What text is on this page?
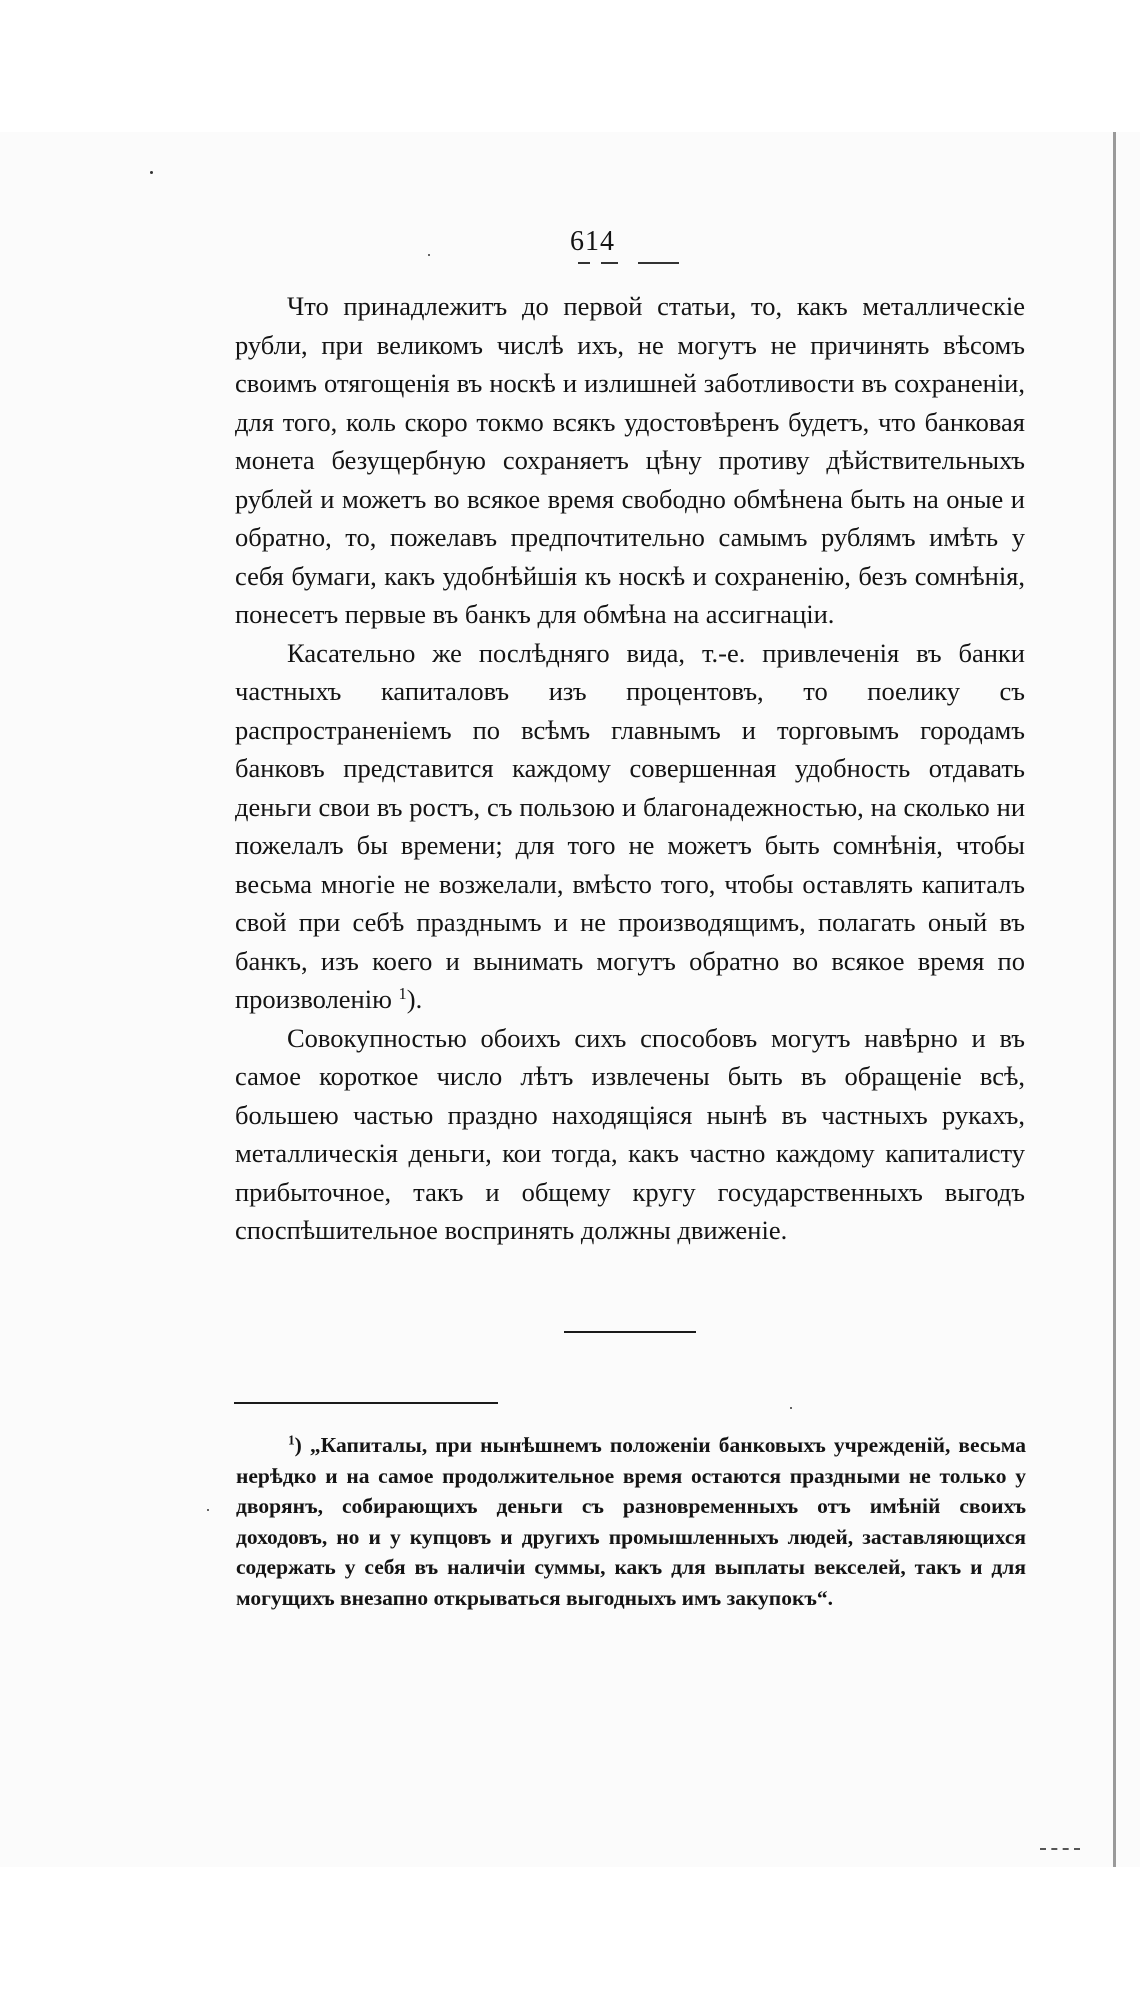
614

Что принадлежитъ до первой статьи, то, какъ металлическіе рубли, при великомъ числѣ ихъ, не могутъ не причинять вѣсомъ своимъ отягощенія въ ноcкѣ и излишней заботливости въ сохраненіи, для того, коль скоро токмо всякъ удостовѣренъ будетъ, что банковая монета безущербную сохраняетъ цѣну противу дѣйствительныхъ рублей и можетъ во всякое время свободно обмѣнена быть на оные и обратно, то, пожелавъ предпочтительно самымъ рублямъ имѣть у себя бумаги, какъ удобнѣйшія къ ноcкѣ и сохраненію, безъ сомнѣнія, понесетъ первые въ банкъ для обмѣна на ассигнаціи.

Касательно же послѣдняго вида, т.-е. привлеченія въ банки частныхъ капиталовъ изъ процентовъ, то поелику съ распространеніемъ по всѣмъ главнымъ и торговымъ городамъ банковъ представится каждому совершенная удобность отдавать деньги свои въ ростъ, съ пользою и благонадежностью, на сколько ни пожелалъ бы времени; для того не можетъ быть сомнѣнія, чтобы весьма многіе не возжелали, вмѣсто того, чтобы оставлять капиталъ свой при себѣ празднымъ и не производящимъ, полагать оный въ банкъ, изъ коего и вынимать могутъ обратно во всякое время по произволенію $^1$).

Совокупностью обоихъ сихъ способовъ могутъ навѣрно и въ самое короткое число лѣтъ извлечены быть въ обращеніе всѣ, большею частью праздно находящіяся нынѣ въ частныхъ рукахъ, металлическія деньги, кои тогда, какъ частно каждому капиталисту прибыточное, такъ и общему кругу государственныхъ выгодъ споспѣшительное воспринять должны движеніе.

$^1$) „Капиталы, при нынѣшнемъ положеніи банковыхъ учрежденій, весьма нерѣдко и на самое продолжительное время остаются праздными не только у дворянъ, собирающихъ деньги съ разновременныхъ отъ имѣній своихъ доходовъ, но и у купцовъ и другихъ промышленныхъ людей, заставляющихся содержать у себя въ наличіи суммы, какъ для выплаты векселей, такъ и для могущихъ внезапно открываться выгодныхъ имъ закупокъ“.
